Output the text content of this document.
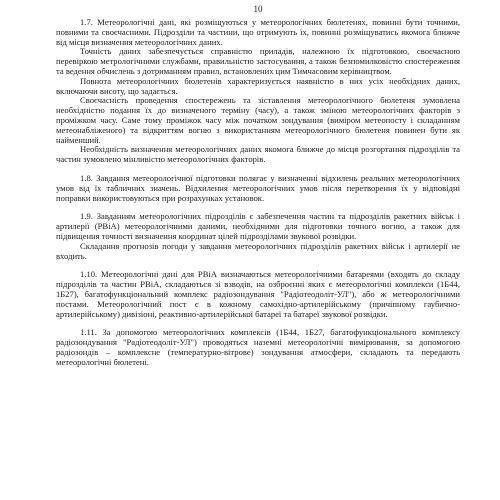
10

1.7. Метеорологічні дані, які розміщуються у метеорологічних бюлетенях, повинні бути точними, повними та своєчасними. Підрозділи та частини, що отримують їх, повинні розміщуватись якомога ближче від місця визначення метеорологічних даних.

Точність даних забезпечується справністю приладів, належною їх підготовкою, своєчасною перевіркою метрологічними службами, правильністю застосування, а також безпомилковістю спостереження та ведення обчислень з дотриманням правил, встановлених цим Тимчасовим керівництвом.

Повнота метеорологічних бюлетенів характеризується наявністю в них усіх необхідних даних, включаючи висоту, що задається.

Своєчасність проведення спостережень та зіставлення метеорологічного бюлетеня зумовлена необхідністю подання їх до визначеного терміну (часу), а також зміною метеорологічних факторів з проміжком часу. Саме тому проміжок часу між початком зондування (виміром метеопосту і складанням метеонабліженого) та відкриттям вогню з використанням метеорологічного бюлетеня повинен бути як найменший.

Необхідність визначення метеорологічних даних якомога ближче до місця розгортання підрозділів та частин зумовлено мінливістю метеорологічних факторів.

1.8. Завдання метеорологічної підготовки полягає у визначенні відхилень реальних метеорологічних умов від їх табличних значень. Відхилення метеорологічних умов після перетворення їх у відповідні поправки використовуються при розрахунках установок.

1.9. Завданням метеорологічних підрозділів є забезпечення частин та підрозділів ракетних військ і артилерії (РВіА) метеорологічними даними, необхідними для підготовки точного вогню, а також для підвищення точності визначення координат цілей підрозділами звукової розвідки.

Складання прогнозів погоди у завдання метеорологічних підрозділів ракетних військ і артилерії не входить.

1.10. Метеорологічні дані для РВіА визначаються метеорологічними батареями (входять до складу підрозділів та частин РВіА, складаються зі взводів, на озброєнні яких є метеорологічні комплекси (1Б44, 1Б27), багатофункціональний комплекс радіозондування "Радіотеодоліт-УЛ"), або ж метеорологічними постами. Метеорологічний пост є в кожному самохідно-артилерійському (причіпному гаубично-артилерійському) дивізіоні, реактивно-артилерійської батареї та батареї звукової розвідки.

1.11. За допомогою метеорологічних комплексів (1Б44, 1Б27, багатофункціонального комплексу радіозондування "Радіотеодоліт-УЛ") проводяться наземні метеорологічні вимірювання, за допомогою радіозондів – комплексне (температурно-вітрове) зондування атмосфери, складають та передають метеорологічні бюлетені.
